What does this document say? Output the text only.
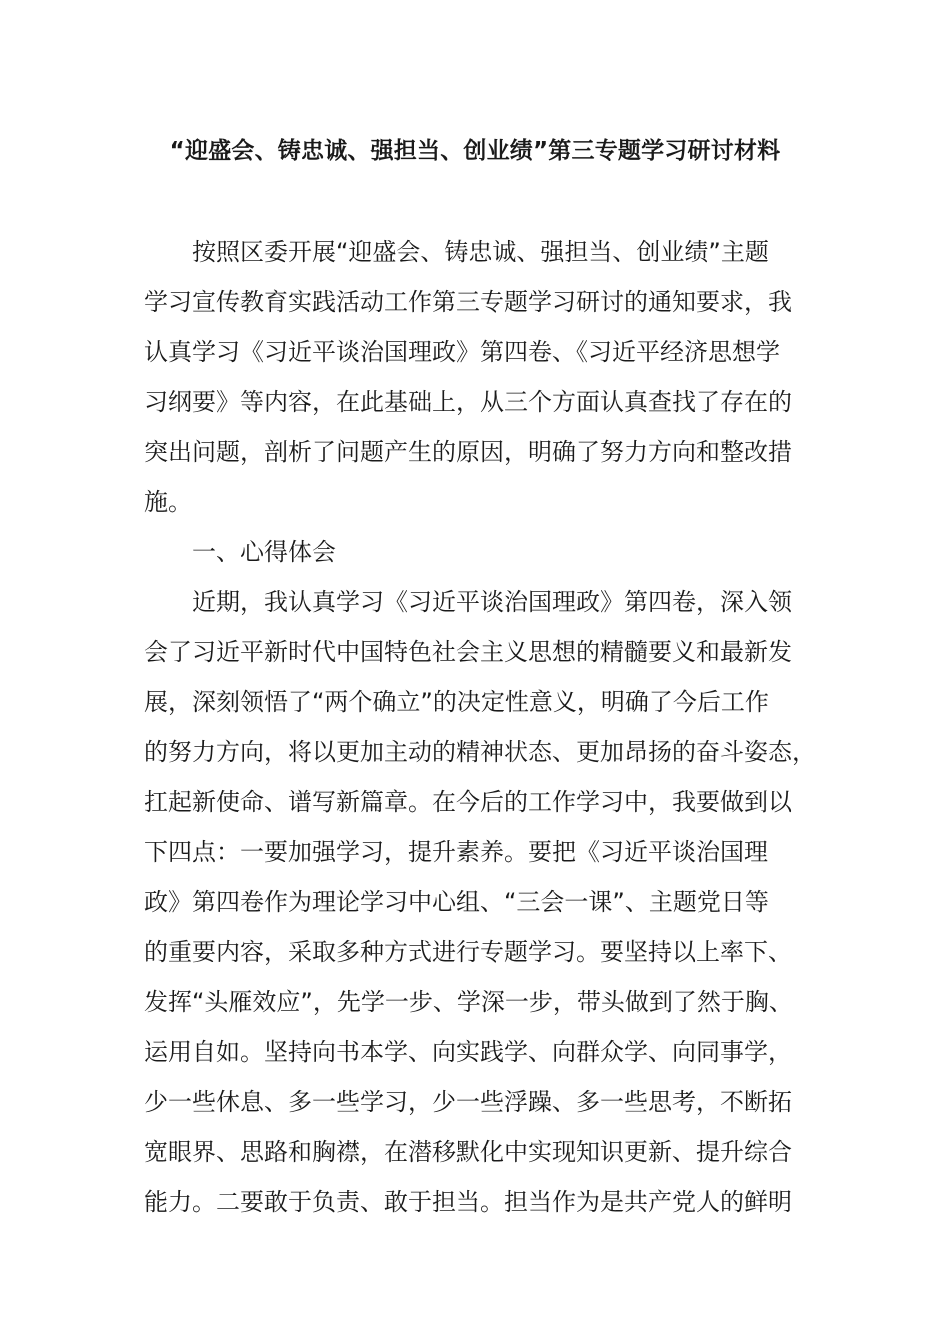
“迎盛会、铸忠诚、强担当、创业绩”第三专题学习研讨材料

按照区委开展“迎盛会、铸忠诚、强担当、创业绩”主题

学习宣传教育实践活动工作第三专题学习研讨的通知要求，我

认真学习《习近平谈治国理政》第四卷、《习近平经济思想学

习纲要》等内容，在此基础上，从三个方面认真查找了存在的

突出问题，剖析了问题产生的原因，明确了努力方向和整改措

施。

一、心得体会

近期，我认真学习《习近平谈治国理政》第四卷，深入领

会了习近平新时代中国特色社会主义思想的精髓要义和最新发

展，深刻领悟了“两个确立”的决定性意义，明确了今后工作

的努力方向，将以更加主动的精神状态、更加昂扬的奋斗姿态，

扛起新使命、谱写新篇章。在今后的工作学习中，我要做到以

下四点：一要加强学习，提升素养。要把《习近平谈治国理

政》第四卷作为理论学习中心组、“三会一课”、主题党日等

的重要内容，采取多种方式进行专题学习。要坚持以上率下、

发挥“头雁效应”，先学一步、学深一步，带头做到了然于胸、

运用自如。坚持向书本学、向实践学、向群众学、向同事学，

少一些休息、多一些学习，少一些浮躁、多一些思考，不断拓

宽眼界、思路和胸襟，在潜移默化中实现知识更新、提升综合

能力。二要敢于负责、敢于担当。担当作为是共产党人的鲜明
